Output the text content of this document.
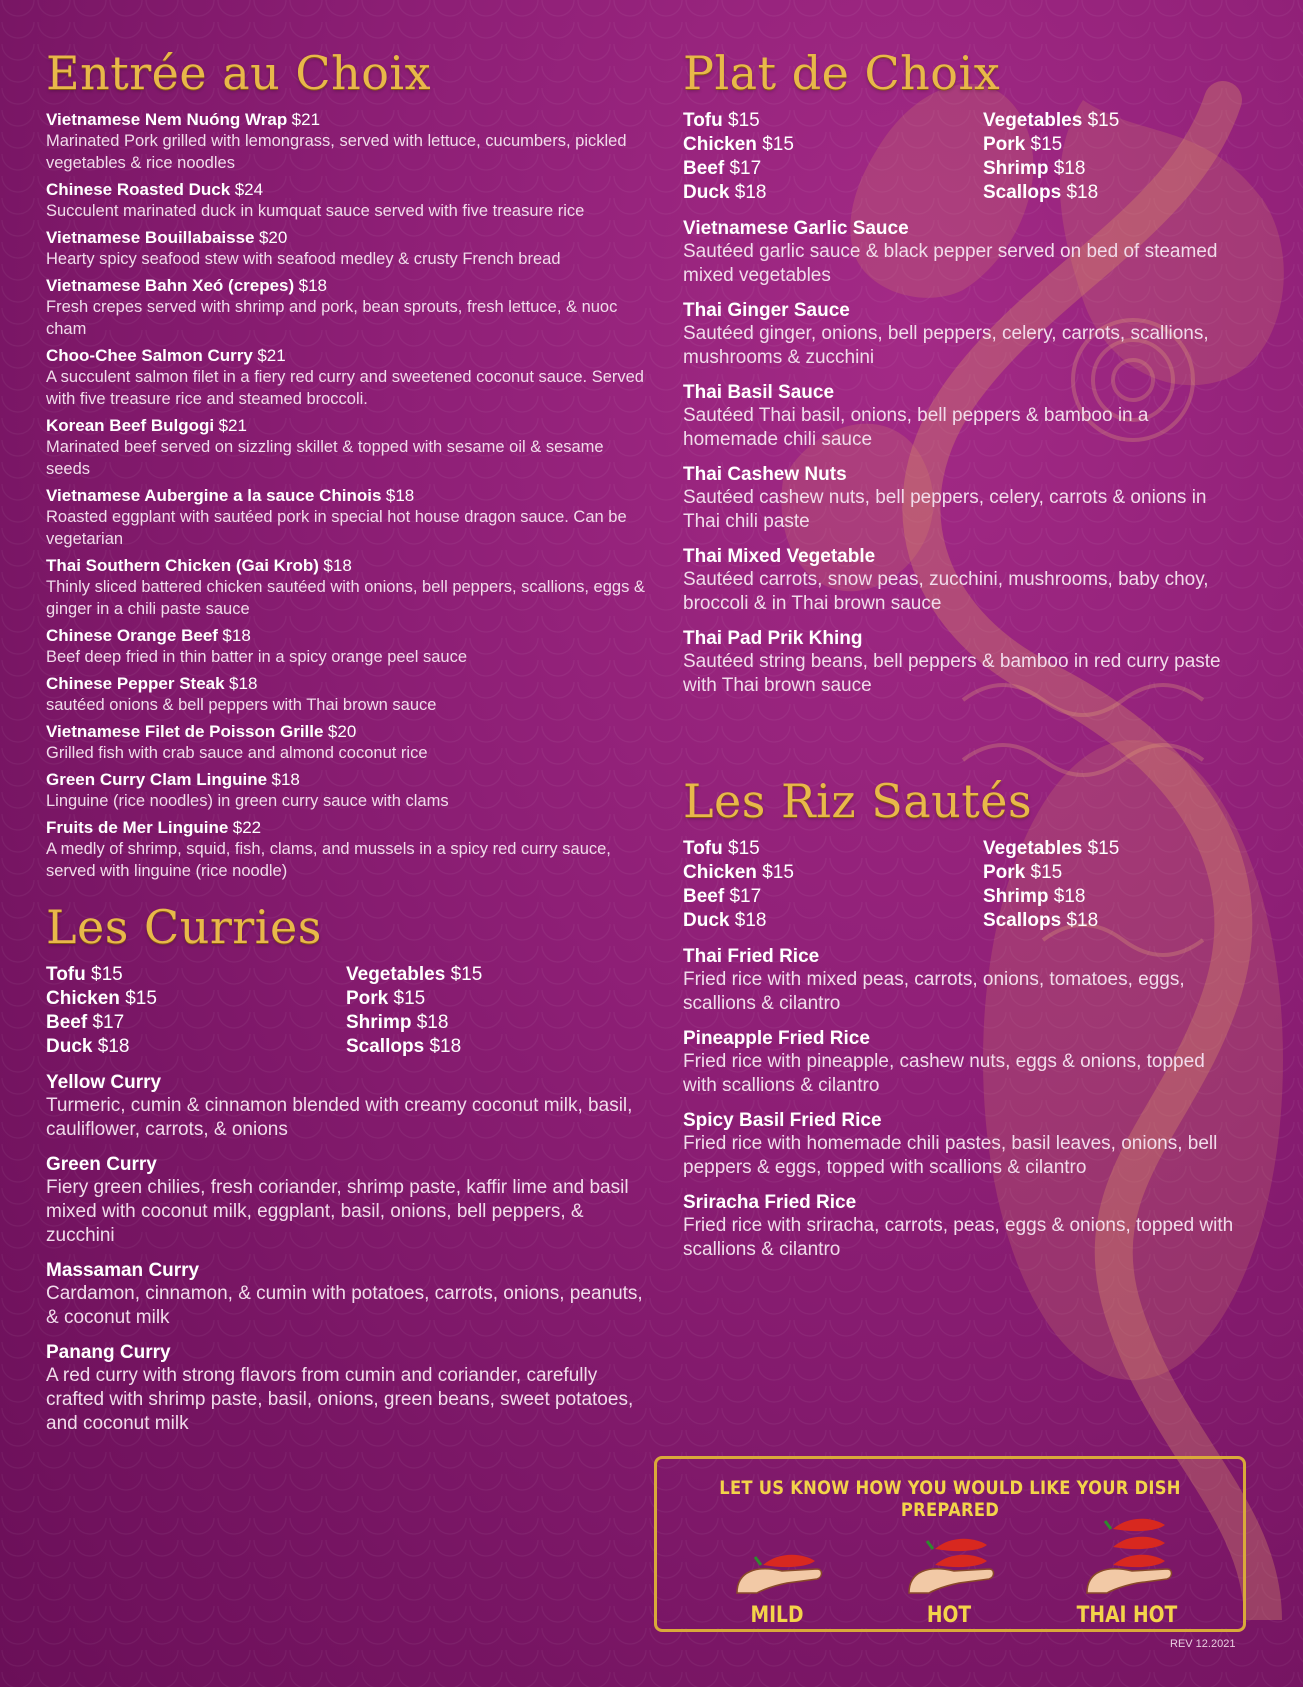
Entrée au Choix
Vietnamese Nem Nuóng Wrap $21
Marinated Pork grilled with lemongrass, served with lettuce, cucumbers, pickled vegetables & rice noodles
Chinese Roasted Duck $24
Succulent marinated duck in kumquat sauce served with five treasure rice
Vietnamese Bouillabaisse $20
Hearty spicy seafood stew with seafood medley & crusty French bread
Vietnamese Bahn Xeó (crepes) $18
Fresh crepes served with shrimp and pork, bean sprouts, fresh lettuce, & nuoc cham
Choo-Chee Salmon Curry $21
A succulent salmon filet in a fiery red curry and sweetened coconut sauce. Served with five treasure rice and steamed broccoli.
Korean Beef Bulgogi $21
Marinated beef served on sizzling skillet & topped with sesame oil & sesame seeds
Vietnamese Aubergine a la sauce Chinois $18
Roasted eggplant with sautéed pork in special hot house dragon sauce. Can be vegetarian
Thai Southern Chicken (Gai Krob) $18
Thinly sliced battered chicken sautéed with onions, bell peppers, scallions, eggs & ginger in a chili paste sauce
Chinese Orange Beef $18
Beef deep fried in thin batter in a spicy orange peel sauce
Chinese Pepper Steak $18
sautéed onions & bell peppers with Thai brown sauce
Vietnamese Filet de Poisson Grille $20
Grilled fish with crab sauce and almond coconut rice
Green Curry Clam Linguine $18
Linguine (rice noodles) in green curry sauce with clams
Fruits de Mer Linguine $22
A medly of shrimp, squid, fish, clams, and mussels in a spicy red curry sauce, served with linguine (rice noodle)
Les Curries
Tofu $15	Vegetables $15
Chicken $15	Pork $15
Beef $17	Shrimp $18
Duck $18	Scallops $18
Yellow Curry
Turmeric, cumin & cinnamon blended with creamy coconut milk, basil, cauliflower, carrots, & onions
Green Curry
Fiery green chilies, fresh coriander, shrimp paste, kaffir lime and basil mixed with coconut milk, eggplant, basil, onions, bell peppers, & zucchini
Massaman Curry
Cardamon, cinnamon, & cumin with potatoes, carrots, onions, peanuts, & coconut milk
Panang Curry
A red curry with strong flavors from cumin and coriander, carefully crafted with shrimp paste, basil, onions, green beans, sweet potatoes, and coconut milk
Plat de Choix
Tofu $15	Vegetables $15
Chicken $15	Pork $15
Beef $17	Shrimp $18
Duck $18	Scallops $18
Vietnamese Garlic Sauce
Sautéed garlic sauce & black pepper served on bed of steamed mixed vegetables
Thai Ginger Sauce
Sautéed ginger, onions, bell peppers, celery, carrots, scallions, mushrooms & zucchini
Thai Basil Sauce
Sautéed Thai basil, onions, bell peppers & bamboo in a homemade chili sauce
Thai Cashew Nuts
Sautéed cashew nuts, bell peppers, celery, carrots & onions in Thai chili paste
Thai Mixed Vegetable
Sautéed carrots, snow peas, zucchini, mushrooms, baby choy, broccoli & in Thai brown sauce
Thai Pad Prik Khing
Sautéed string beans, bell peppers & bamboo in red curry paste with Thai brown sauce
Les Riz Sautés
Tofu $15	Vegetables $15
Chicken $15	Pork $15
Beef $17	Shrimp $18
Duck $18	Scallops $18
Thai Fried Rice
Fried rice with mixed peas, carrots, onions, tomatoes, eggs, scallions & cilantro
Pineapple Fried Rice
Fried rice with pineapple, cashew nuts, eggs & onions, topped with scallions & cilantro
Spicy Basil Fried Rice
Fried rice with homemade chili pastes, basil leaves, onions, bell peppers & eggs, topped with scallions & cilantro
Sriracha Fried Rice
Fried rice with sriracha, carrots, peas, eggs & onions, topped with scallions & cilantro
LET US KNOW HOW YOU WOULD LIKE YOUR DISH PREPARED
MILD	HOT	THAI HOT
REV 12.2021
